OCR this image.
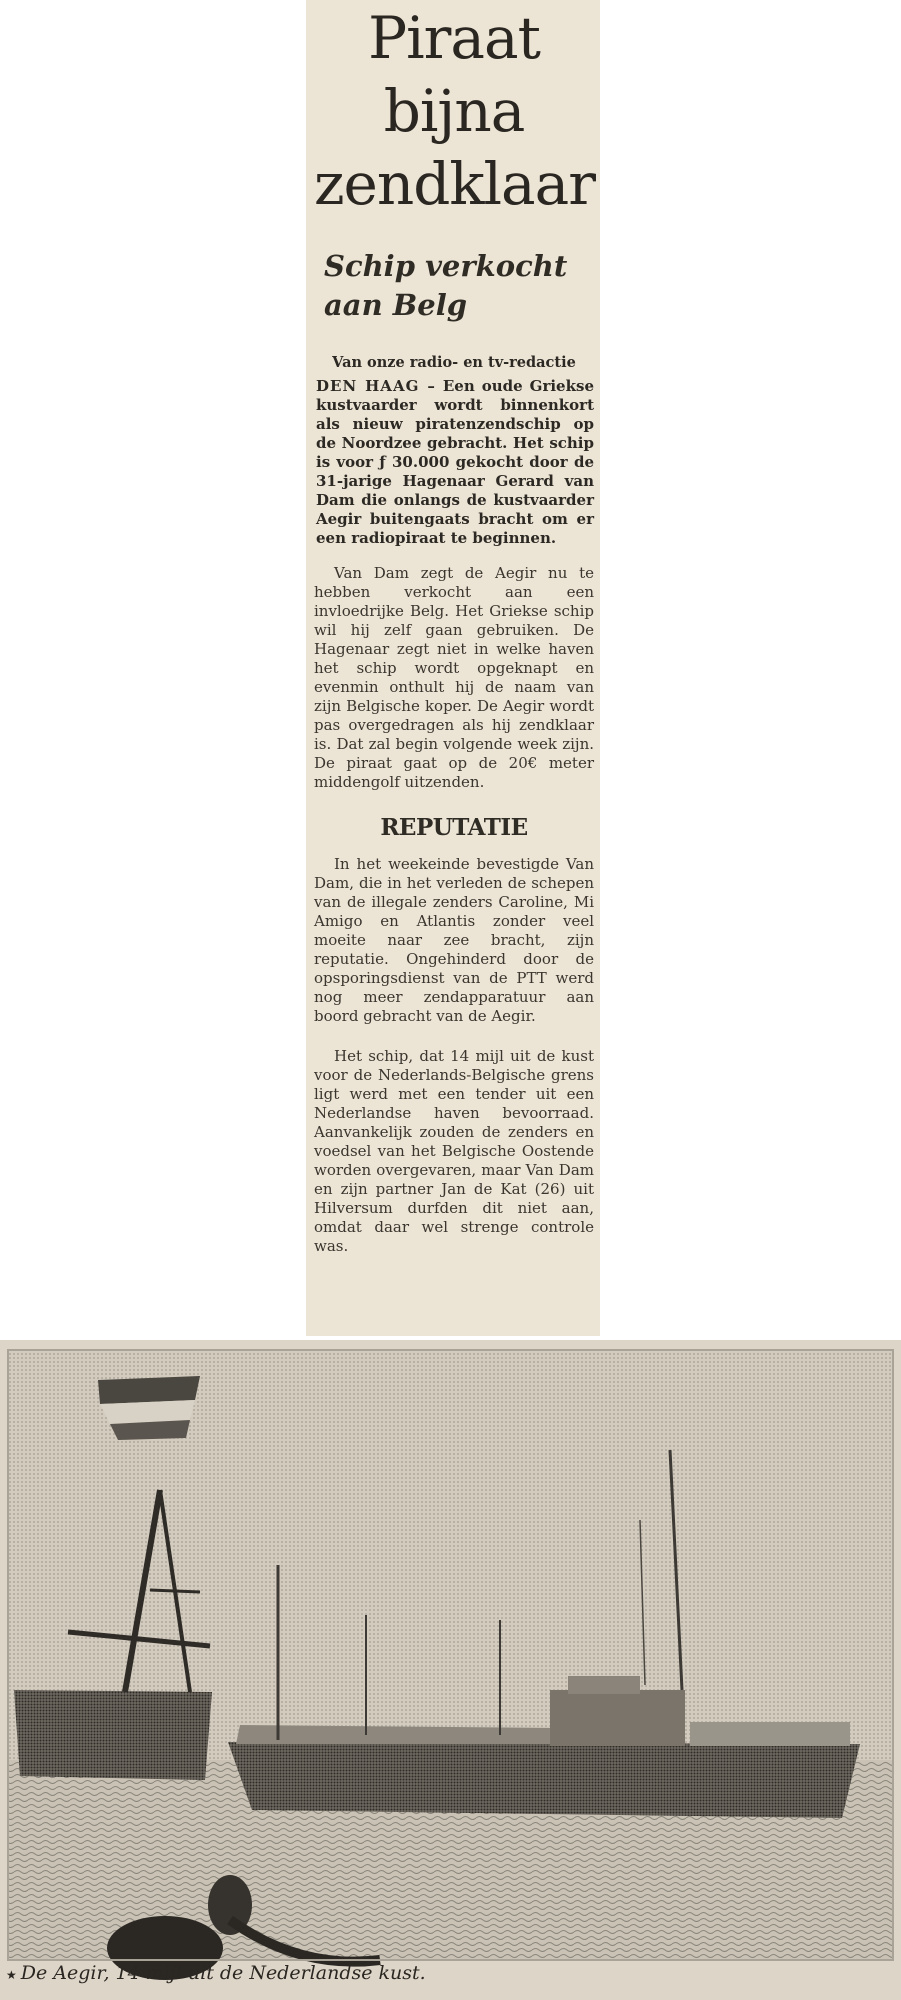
Piraat
bijna
zendklaar
Schip verkocht
aan Belg

Van onze radio- en tv-redactie

DEN HAAG – Een oude Griekse kustvaarder wordt binnenkort als nieuw piratenzendschip op de Noordzee gebracht. Het schip is voor ƒ 30.000 gekocht door de 31-jarige Hagenaar Gerard van Dam die onlangs de kustvaarder Aegir buitengaats bracht om er een radiopiraat te beginnen.

Van Dam zegt de Aegir nu te hebben verkocht aan een invloedrijke Belg. Het Griekse schip wil hij zelf gaan gebruiken. De Hagenaar zegt niet in welke haven het schip wordt opgeknapt en evenmin onthult hij de naam van zijn Belgische koper. De Aegir wordt pas overgedragen als hij zendklaar is. Dat zal begin volgende week zijn. De piraat gaat op de 20€ meter middengolf uitzenden.

REPUTATIE

In het weekeinde bevestigde Van Dam, die in het verleden de schepen van de illegale zenders Caroline, Mi Amigo en Atlantis zonder veel moeite naar zee bracht, zijn reputatie. Ongehinderd door de opsporingsdienst van de PTT werd nog meer zendapparatuur aan boord gebracht van de Aegir.

Het schip, dat 14 mijl uit de kust voor de Nederlands-Belgische grens ligt werd met een tender uit een Nederlandse haven bevoorraad. Aanvankelijk zouden de zenders en voedsel van het Belgische Oostende worden overgevaren, maar Van Dam en zijn partner Jan de Kat (26) uit Hilversum durfden dit niet aan, omdat daar wel strenge controle was.

★ De Aegir, 14 mijl uit de Nederlandse kust.
